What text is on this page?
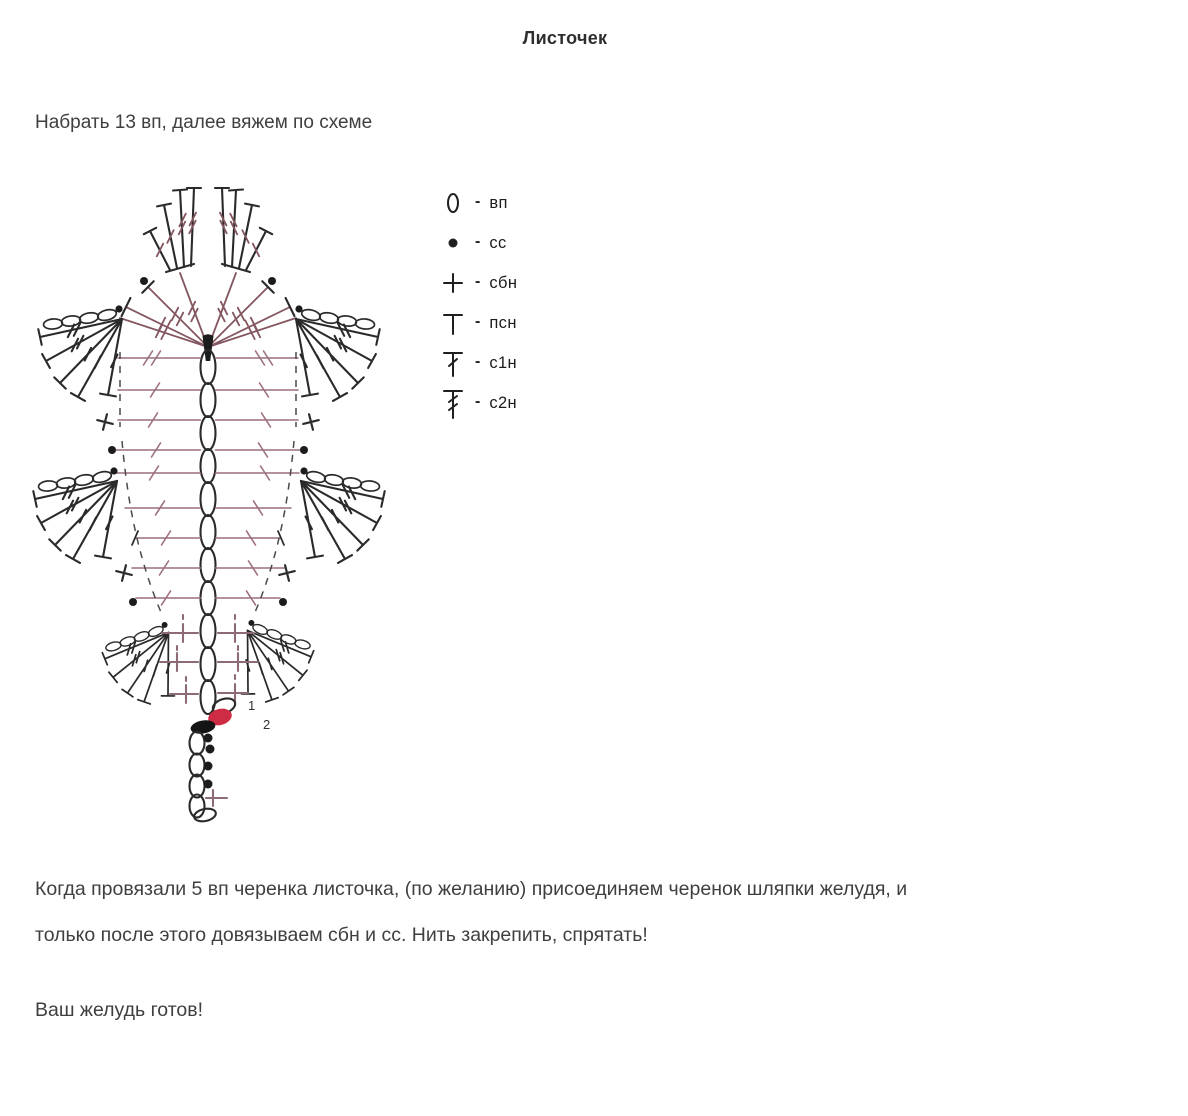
Листочек
Набрать 13 вп, далее вяжем по схеме
1
2
- вп
- сс
- сбн
- псн
- с1н
- с2н
Когда провязали 5 вп черенка листочка, (по желанию) присоединяем черенок шляпки желудя, и
только после этого довязываем сбн и сс. Нить закрепить, спрятать!
Ваш желудь готов!
